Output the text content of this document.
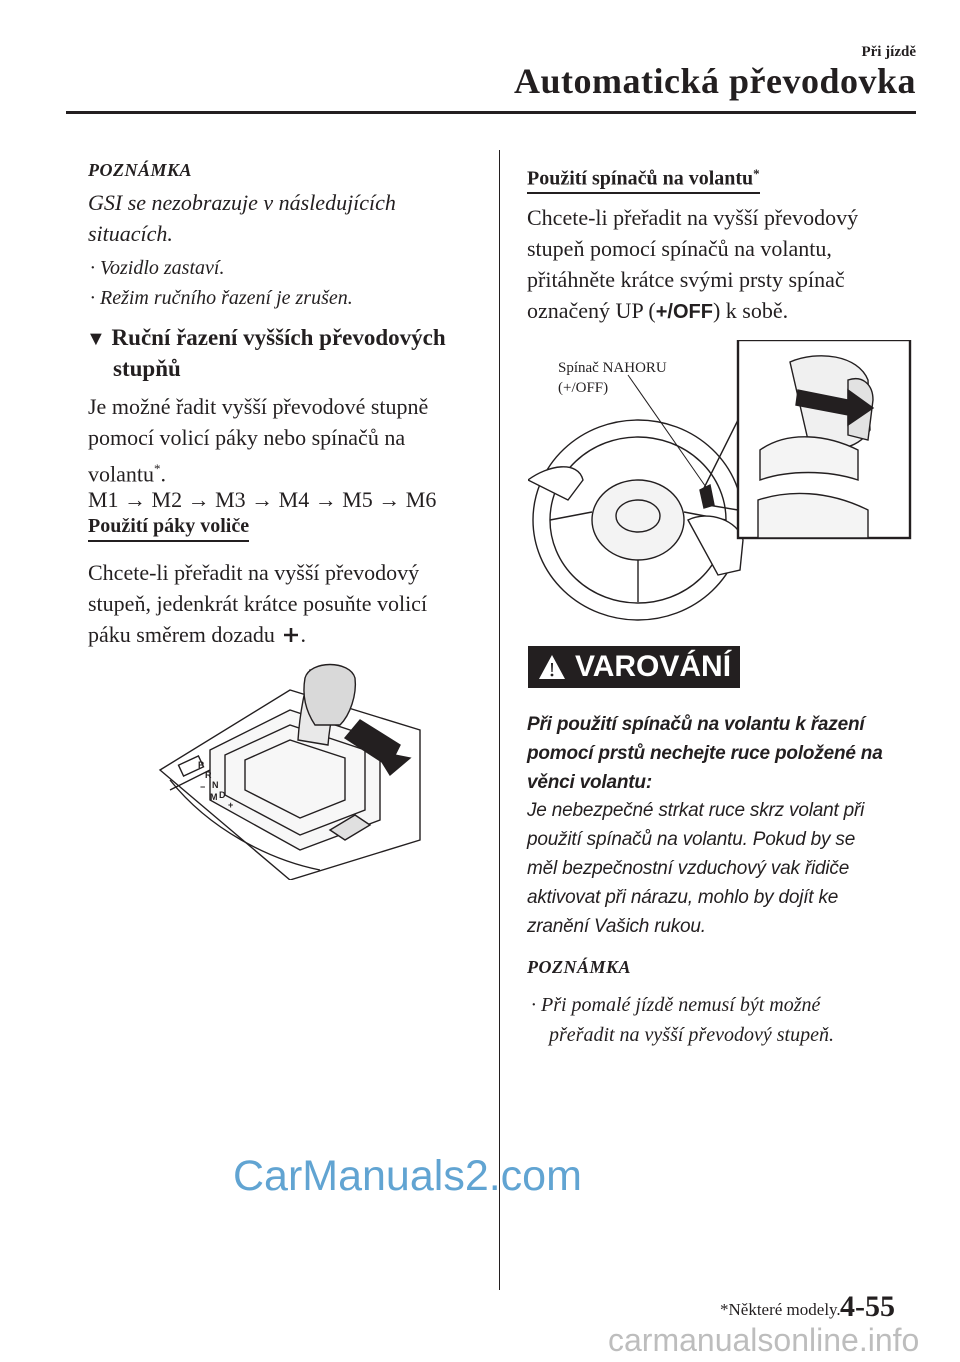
Při jízdě
Automatická převodovka
POZNÁMKA
GSI se nezobrazuje v následujících
situacích.
· Vozidlo zastaví.
· Režim ručního řazení je zrušen.
▼ Ruční řazení vyšších převodových
stupňů
Je možné řadit vyšší převodové stupně
pomocí volicí páky nebo spínačů na
volantu*.
M1 → M2 → M3 → M4 → M5 → M6
Použití páky voliče
Chcete-li přeřadit na vyšší převodový
stupeň, jedenkrát krátce posuňte volicí
páku směrem dozadu .
P
R
N
D
M
+
−
Použití spínačů na volantu*
Chcete-li přeřadit na vyšší převodový
stupeň pomocí spínačů na volantu,
přitáhněte krátce svými prsty spínač
označený UP (+/OFF) k sobě.
Spínač NAHORU
(+/OFF)
VAROVÁNÍ
Při použití spínačů na volantu k řazení
pomocí prstů nechejte ruce položené na
věnci volantu:
Je nebezpečné strkat ruce skrz volant při
použití spínačů na volantu. Pokud by se
měl bezpečnostní vzduchový vak řidiče
aktivovat při nárazu, mohlo by dojít ke
zranění Vašich rukou.
POZNÁMKA
· Při pomalé jízdě nemusí být možné
přeřadit na vyšší převodový stupeň.
CarManuals2.com
carmanualsonline.info
*Některé modely. 4-55
